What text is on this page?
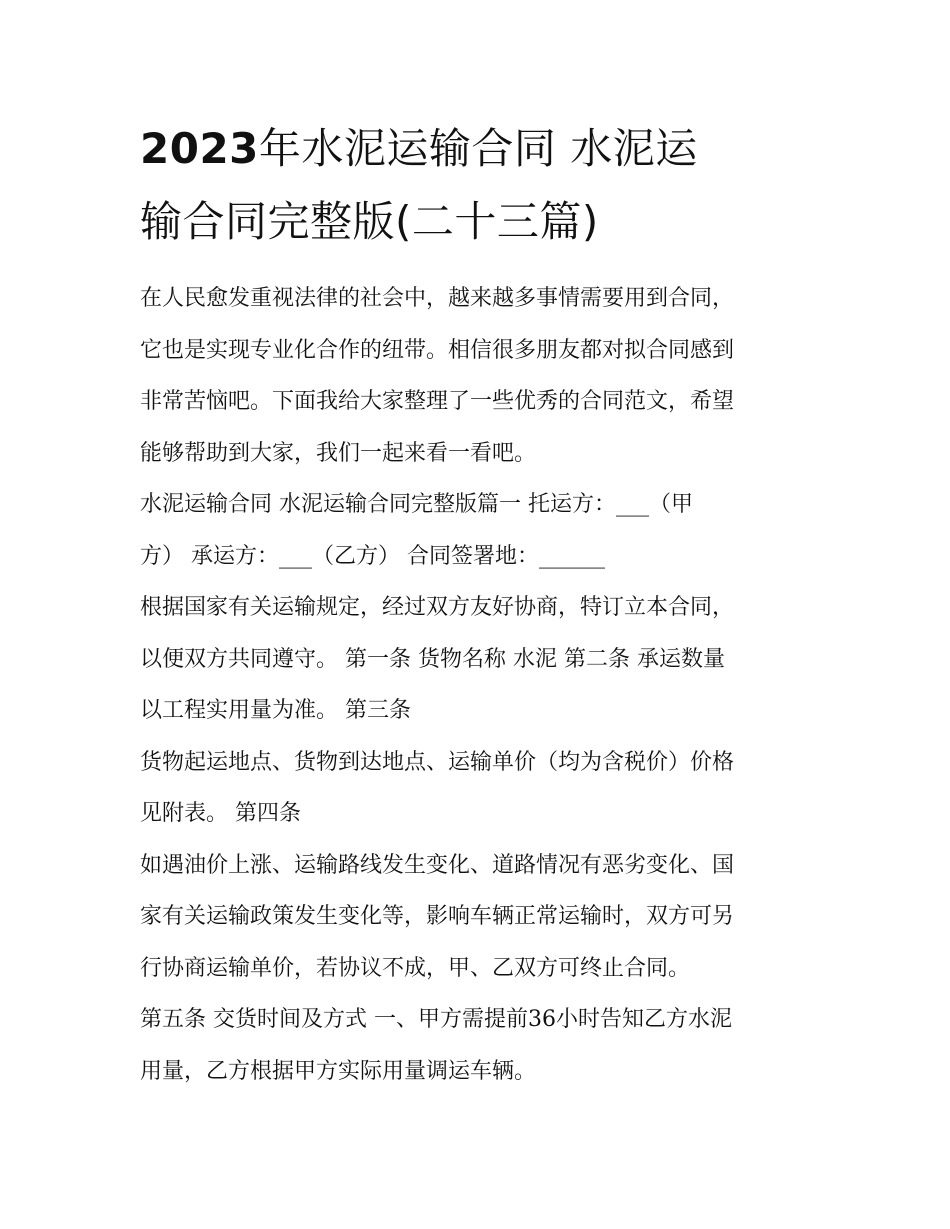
2023年水泥运输合同 水泥运
输合同完整版(二十三篇)

在人民愈发重视法律的社会中，越来越多事情需要用到合同，
它也是实现专业化合作的纽带。相信很多朋友都对拟合同感到
非常苦恼吧。下面我给大家整理了一些优秀的合同范文，希望
能够帮助到大家，我们一起来看一看吧。

水泥运输合同 水泥运输合同完整版篇一 托运方：___（甲
方） 承运方：___（乙方） 合同签署地：______

根据国家有关运输规定，经过双方友好协商，特订立本合同，
以便双方共同遵守。 第一条 货物名称 水泥 第二条 承运数量
以工程实用量为准。 第三条

货物起运地点、货物到达地点、运输单价（均为含税价）价格
见附表。 第四条

如遇油价上涨、运输路线发生变化、道路情况有恶劣变化、国
家有关运输政策发生变化等，影响车辆正常运输时，双方可另
行协商运输单价，若协议不成，甲、乙双方可终止合同。

第五条 交货时间及方式 一、甲方需提前36小时告知乙方水泥
用量，乙方根据甲方实际用量调运车辆。
